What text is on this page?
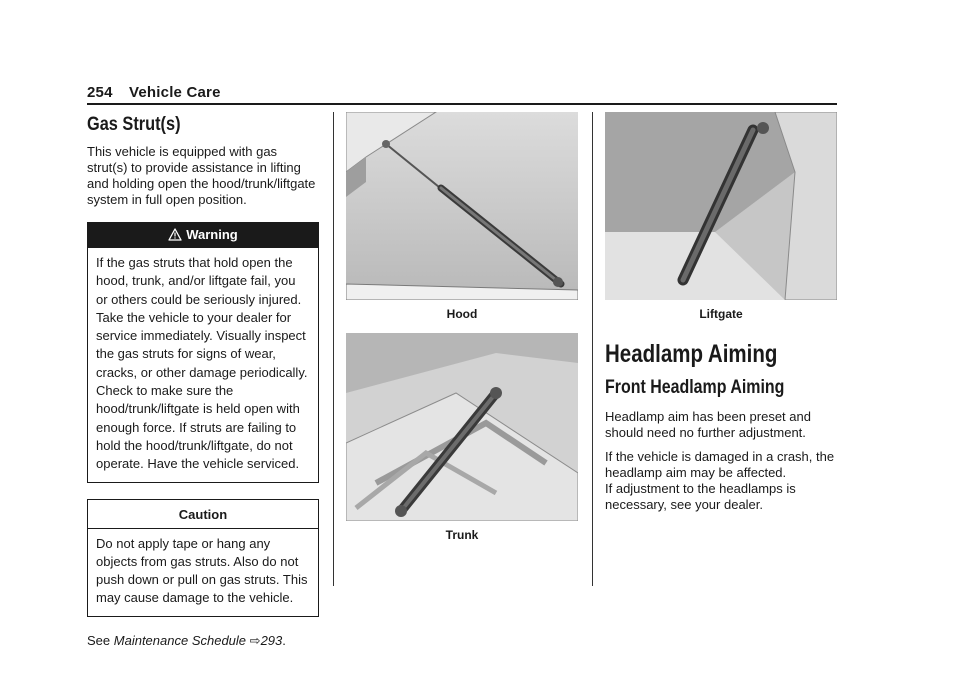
254 Vehicle Care
Gas Strut(s)

This vehicle is equipped with gas strut(s) to provide assistance in lifting and holding open the hood/trunk/liftgate system in full open position.

Warning
If the gas struts that hold open the hood, trunk, and/or liftgate fail, you or others could be seriously injured. Take the vehicle to your dealer for service immediately. Visually inspect the gas struts for signs of wear, cracks, or other damage periodically. Check to make sure the hood/trunk/liftgate is held open with enough force. If struts are failing to hold the hood/trunk/liftgate, do not operate. Have the vehicle serviced.
Caution
Do not apply tape or hang any objects from gas struts. Also do not push down or pull on gas struts. This may cause damage to the vehicle.
See Maintenance Schedule ⇨293.
Hood
Trunk
Liftgate
Headlamp Aiming
Front Headlamp Aiming

Headlamp aim has been preset and should need no further adjustment.

If the vehicle is damaged in a crash, the headlamp aim may be affected.

If adjustment to the headlamps is necessary, see your dealer.
